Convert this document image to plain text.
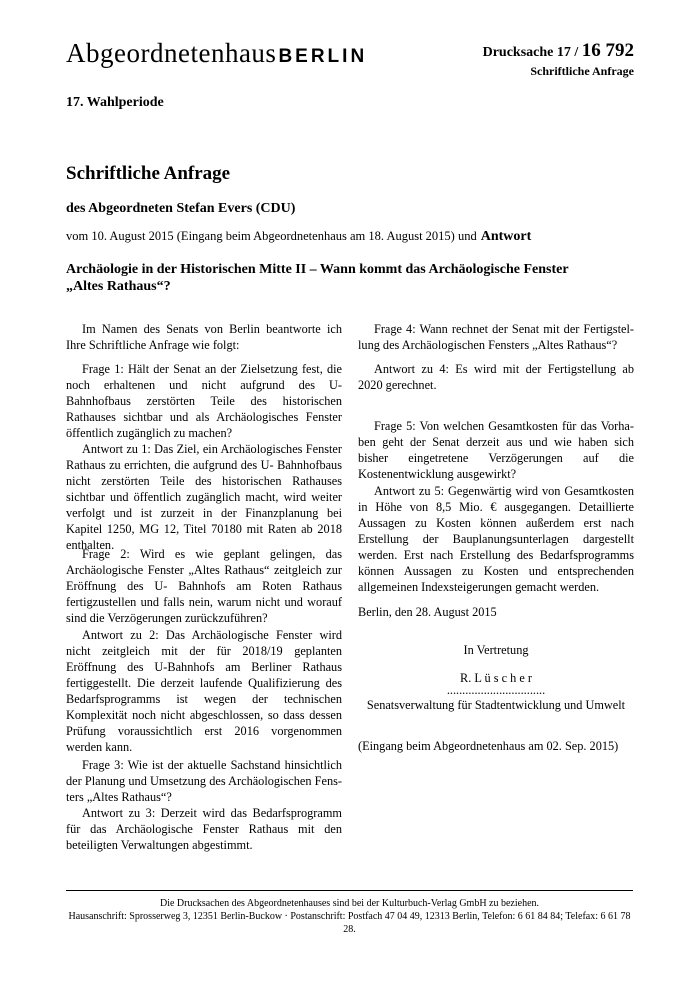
Abgeordnetenhaus BERLIN	Drucksache 17 / 16 792
Schriftliche Anfrage
17. Wahlperiode
Schriftliche Anfrage
des Abgeordneten Stefan Evers (CDU)
vom 10. August 2015 (Eingang beim Abgeordnetenhaus am 18. August 2015) und Antwort
Archäologie in der Historischen Mitte II – Wann kommt das Archäologische Fenster
„Altes Rathaus“?

Im Namen des Senats von Berlin beantworte ich Ihre Schriftliche Anfrage wie folgt:

Frage 1: Hält der Senat an der Zielsetzung fest, die noch erhaltenen und nicht aufgrund des U- Bahnhofbaus zerstörten Teile des historischen Rathauses sichtbar und als Archäologisches Fenster öffentlich zugänglich zu machen?

Antwort zu 1: Das Ziel, ein Archäologisches Fenster Rathaus zu errichten, die aufgrund des U- Bahnhofbaus nicht zerstörten Teile des historischen Rathauses sichtbar und öffentlich zugänglich macht, wird weiter verfolgt und ist zurzeit in der Finanzplanung bei Kapitel 1250, MG 12, Titel 70180 mit Raten ab 2018 enthalten.

Frage 2: Wird es wie geplant gelingen, das Archäologische Fenster „Altes Rathaus“ zeitgleich zur Eröffnung des U- Bahnhofs am Roten Rathaus fertigzustellen und falls nein, warum nicht und worauf sind die Verzögerungen zurückzuführen?

Antwort zu 2: Das Archäologische Fenster wird nicht zeitgleich mit der für 2018/19 geplanten Eröffnung des U-Bahnhofs am Berliner Rathaus fertiggestellt. Die derzeit laufende Qualifizierung des Bedarfsprogramms ist wegen der technischen Komplexität noch nicht abgeschlossen, so dass dessen Prüfung voraussichtlich erst 2016 vorgenommen werden kann.

Frage 3: Wie ist der aktuelle Sachstand hinsichtlich der Planung und Umsetzung des Archäologischen Fensters „Altes Rathaus“?

Antwort zu 3: Derzeit wird das Bedarfsprogramm für das Archäologische Fenster Rathaus mit den beteiligten Verwaltungen abgestimmt.

Frage 4: Wann rechnet der Senat mit der Fertigstellung des Archäologischen Fensters „Altes Rathaus“?

Antwort zu 4: Es wird mit der Fertigstellung ab 2020 gerechnet.

Frage 5: Von welchen Gesamtkosten für das Vorhaben geht der Senat derzeit aus und wie haben sich bisher eingetretene Verzögerungen auf die Kostenentwicklung ausgewirkt?

Antwort zu 5: Gegenwärtig wird von Gesamtkosten in Höhe von 8,5 Mio. € ausgegangen. Detaillierte Aussagen zu Kosten können außerdem erst nach Erstellung der Bauplanungsunterlagen dargestellt werden. Erst nach Erstellung des Bedarfsprogramms können Aussagen zu Kosten und entsprechenden allgemeinen Indexsteigerungen gemacht werden.

Berlin, den 28. August 2015
In Vertretung
R. L ü s c h e r
................................
Senatsverwaltung für Stadtentwicklung und Umwelt
(Eingang beim Abgeordnetenhaus am 02. Sep. 2015)
Die Drucksachen des Abgeordnetenhauses sind bei der Kulturbuch-Verlag GmbH zu beziehen.
Hausanschrift: Sprosserweg 3, 12351 Berlin-Buckow · Postanschrift: Postfach 47 04 49, 12313 Berlin, Telefon: 6 61 84 84; Telefax: 6 61 78 28.
